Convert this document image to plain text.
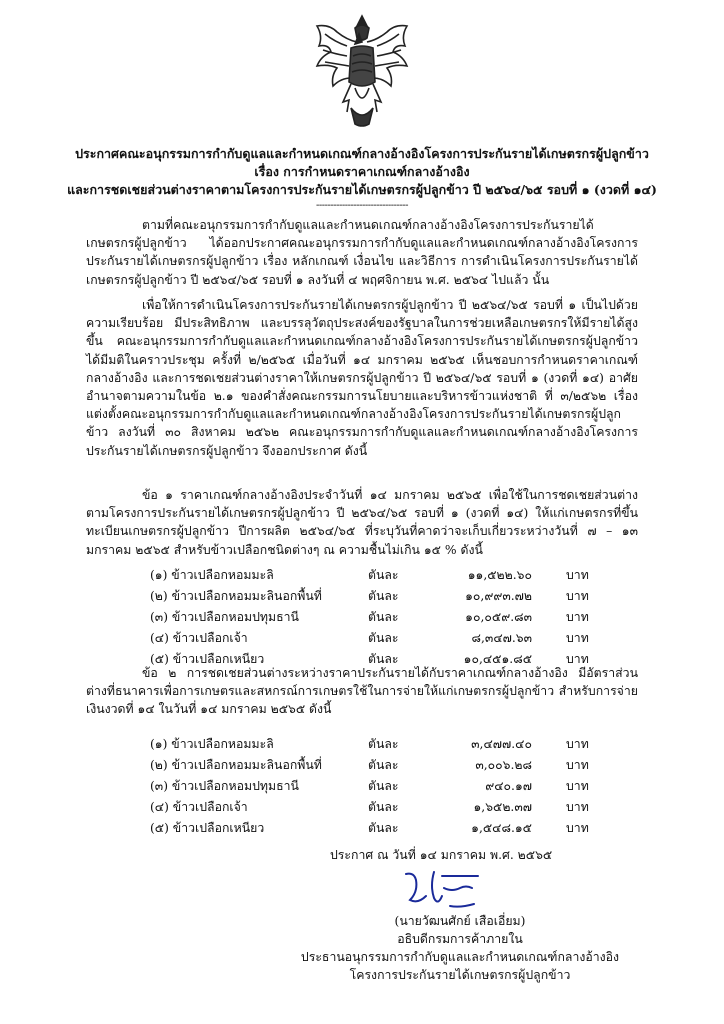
ประกาศคณะอนุกรรมการกำกับดูแลและกำหนดเกณฑ์กลางอ้างอิงโครงการประกันรายได้เกษตรกรผู้ปลูกข้าว
เรื่อง การกำหนดราคาเกณฑ์กลางอ้างอิง
และการชดเชยส่วนต่างราคาตามโครงการประกันรายได้เกษตรกรผู้ปลูกข้าว ปี ๒๕๖๔/๖๕ รอบที่ ๑ (งวดที่ ๑๔)
--------------------------------
ตามที่คณะอนุกรรมการกำกับดูแลและกำหนดเกณฑ์กลางอ้างอิงโครงการประกันรายได้เกษตรกรผู้ปลูกข้าว ได้ออกประกาศคณะอนุกรรมการกำกับดูแลและกำหนดเกณฑ์กลางอ้างอิงโครงการประกันรายได้เกษตรกรผู้ปลูกข้าว เรื่อง หลักเกณฑ์ เงื่อนไข และวิธีการ การดำเนินโครงการประกันรายได้เกษตรกรผู้ปลูกข้าว ปี ๒๕๖๔/๖๕ รอบที่ ๑ ลงวันที่ ๔ พฤศจิกายน พ.ศ. ๒๕๖๔ ไปแล้ว นั้น
เพื่อให้การดำเนินโครงการประกันรายได้เกษตรกรผู้ปลูกข้าว ปี ๒๕๖๔/๖๕ รอบที่ ๑ เป็นไปด้วยความเรียบร้อย มีประสิทธิภาพ และบรรลุวัตถุประสงค์ของรัฐบาลในการช่วยเหลือเกษตรกรให้มีรายได้สูงขึ้น คณะอนุกรรมการกำกับดูแลและกำหนดเกณฑ์กลางอ้างอิงโครงการประกันรายได้เกษตรกรผู้ปลูกข้าว ได้มีมติในคราวประชุม ครั้งที่ ๒/๒๕๖๕ เมื่อวันที่ ๑๔ มกราคม ๒๕๖๕ เห็นชอบการกำหนดราคาเกณฑ์กลางอ้างอิง และการชดเชยส่วนต่างราคาให้เกษตรกรผู้ปลูกข้าว ปี ๒๕๖๔/๖๕ รอบที่ ๑ (งวดที่ ๑๔) อาศัยอำนาจตามความในข้อ ๒.๑ ของคำสั่งคณะกรรมการนโยบายและบริหารข้าวแห่งชาติ ที่ ๓/๒๕๖๒ เรื่อง แต่งตั้งคณะอนุกรรมการกำกับดูแลและกำหนดเกณฑ์กลางอ้างอิงโครงการประกันรายได้เกษตรกรผู้ปลูกข้าว ลงวันที่ ๓๐ สิงหาคม ๒๕๖๒ คณะอนุกรรมการกำกับดูแลและกำหนดเกณฑ์กลางอ้างอิงโครงการประกันรายได้เกษตรกรผู้ปลูกข้าว จึงออกประกาศ ดังนี้
ข้อ ๑ ราคาเกณฑ์กลางอ้างอิงประจำวันที่ ๑๔ มกราคม ๒๕๖๕ เพื่อใช้ในการชดเชยส่วนต่างตามโครงการประกันรายได้เกษตรกรผู้ปลูกข้าว ปี ๒๕๖๔/๖๕ รอบที่ ๑ (งวดที่ ๑๔) ให้แก่เกษตรกรที่ขึ้นทะเบียนเกษตรกรผู้ปลูกข้าว ปีการผลิต ๒๕๖๔/๖๕ ที่ระบุวันที่คาดว่าจะเก็บเกี่ยวระหว่างวันที่ ๗ – ๑๓ มกราคม ๒๕๖๕ สำหรับข้าวเปลือกชนิดต่างๆ ณ ความชื้นไม่เกิน ๑๕ % ดังนี้
(๑) ข้าวเปลือกหอมมะลิ	ตันละ	๑๑,๕๒๒.๖๐	บาท
(๒) ข้าวเปลือกหอมมะลินอกพื้นที่	ตันละ	๑๐,๙๙๓.๗๒	บาท
(๓) ข้าวเปลือกหอมปทุมธานี	ตันละ	๑๐,๐๕๙.๘๓	บาท
(๔) ข้าวเปลือกเจ้า	ตันละ	๘,๓๔๗.๖๓	บาท
(๕) ข้าวเปลือกเหนียว	ตันละ	๑๐,๔๕๑.๘๕	บาท
ข้อ ๒ การชดเชยส่วนต่างระหว่างราคาประกันรายได้กับราคาเกณฑ์กลางอ้างอิง มีอัตราส่วนต่างที่ธนาคารเพื่อการเกษตรและสหกรณ์การเกษตรใช้ในการจ่ายให้แก่เกษตรกรผู้ปลูกข้าว สำหรับการจ่ายเงินงวดที่ ๑๔ ในวันที่ ๑๔ มกราคม ๒๕๖๕ ดังนี้
(๑) ข้าวเปลือกหอมมะลิ	ตันละ	๓,๔๗๗.๔๐	บาท
(๒) ข้าวเปลือกหอมมะลินอกพื้นที่	ตันละ	๓,๐๐๖.๒๘	บาท
(๓) ข้าวเปลือกหอมปทุมธานี	ตันละ	๙๔๐.๑๗	บาท
(๔) ข้าวเปลือกเจ้า	ตันละ	๑,๖๕๒.๓๗	บาท
(๕) ข้าวเปลือกเหนียว	ตันละ	๑,๕๔๘.๑๕	บาท
ประกาศ ณ วันที่ ๑๔ มกราคม พ.ศ. ๒๕๖๕
(นายวัฒนศักย์ เสือเอี่ยม)
อธิบดีกรมการค้าภายใน
ประธานอนุกรรมการกำกับดูแลและกำหนดเกณฑ์กลางอ้างอิง
โครงการประกันรายได้เกษตรกรผู้ปลูกข้าว
